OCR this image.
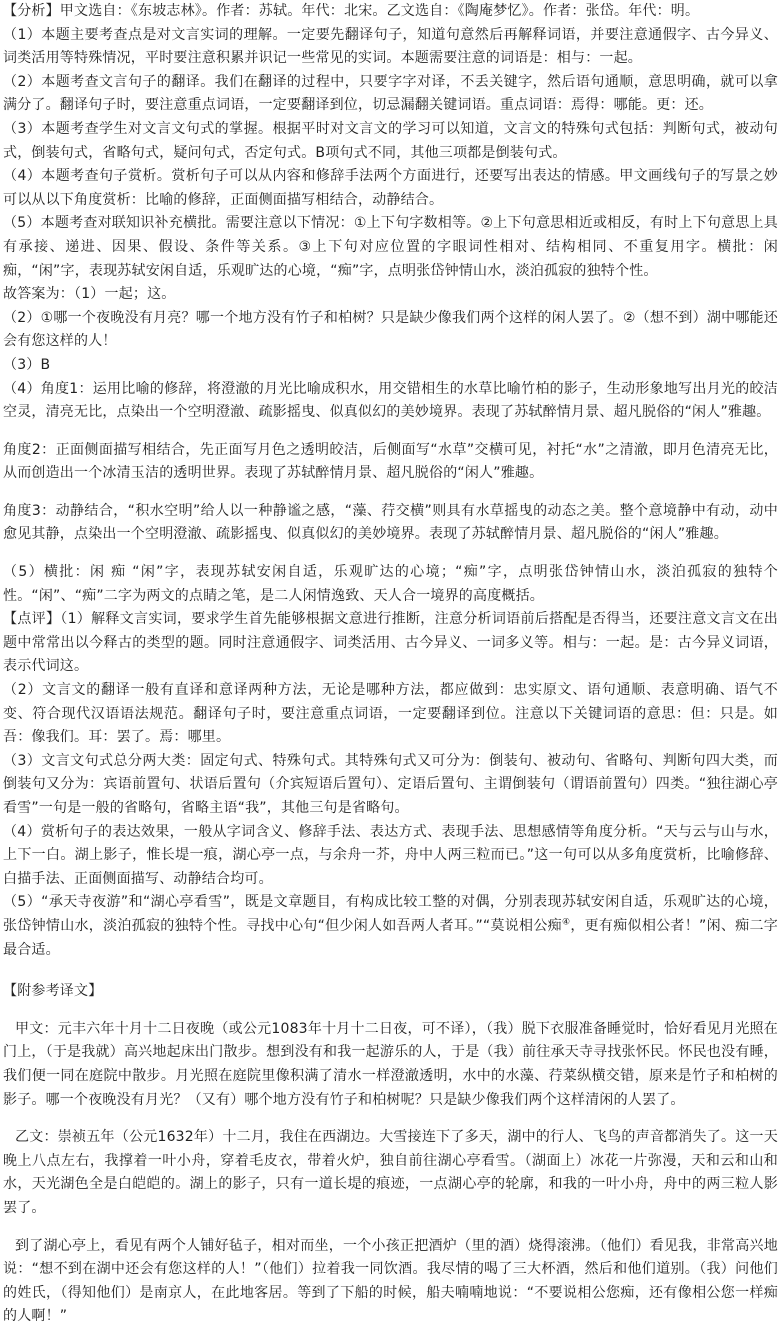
【分析】甲文选自：《东坡志林》。作者：苏轼。年代：北宋。乙文选自：《陶庵梦忆》。作者：张岱。年代：明。

（1）本题主要考查点是对文言实词的理解。一定要先翻译句子，知道句意然后再解释词语，并要注意通假字、古今异义、词类活用等特殊情况，平时要注意积累并识记一些常见的实词。本题需要注意的词语是：相与：一起。

（2）本题考查文言句子的翻译。我们在翻译的过程中，只要字字对译，不丢关键字，然后语句通顺，意思明确，就可以拿满分了。翻译句子时，要注意重点词语，一定要翻译到位，切忌漏翻关键词语。重点词语：焉得：哪能。更：还。

（3）本题考查学生对文言文句式的掌握。根据平时对文言文的学习可以知道，文言文的特殊句式包括：判断句式，被动句式，倒装句式，省略句式，疑问句式，否定句式。B项句式不同，其他三项都是倒装句式。

（4）本题考查句子赏析。赏析句子可以从内容和修辞手法两个方面进行，还要写出表达的情感。甲文画线句子的写景之妙可以从以下角度赏析：比喻的修辞，正面侧面描写相结合，动静结合。

（5）本题考查对联知识补充横批。需要注意以下情况：①上下句字数相等。②上下句意思相近或相反，有时上下句意思上具有承接、递进、因果、假设、条件等关系。③上下句对应位置的字眼词性相对、结构相同、不重复用字。横批：闲痴，“闲”字，表现苏轼安闲自适，乐观旷达的心境，“痴”字，点明张岱钟情山水，淡泊孤寂的独特个性。

故答案为：（1）一起；这。

（2）①哪一个夜晚没有月亮？哪一个地方没有竹子和柏树？只是缺少像我们两个这样的闲人罢了。②（想不到）湖中哪能还会有您这样的人！

（3）B

（4）角度1：运用比喻的修辞，将澄澈的月光比喻成积水，用交错相生的水草比喻竹柏的影子，生动形象地写出月光的皎洁空灵，清亮无比，点染出一个空明澄澈、疏影摇曳、似真似幻的美妙境界。表现了苏轼醉情月景、超凡脱俗的“闲人”雅趣。

角度2：正面侧面描写相结合，先正面写月色之透明皎洁，后侧面写“水草”交横可见，衬托“水”之清澈，即月色清亮无比，从而创造出一个冰清玉洁的透明世界。表现了苏轼醉情月景、超凡脱俗的“闲人”雅趣。

角度3：动静结合，“积水空明”给人以一种静谧之感，“藻、荇交横”则具有水草摇曳的动态之美。整个意境静中有动，动中愈见其静，点染出一个空明澄澈、疏影摇曳、似真似幻的美妙境界。表现了苏轼醉情月景、超凡脱俗的“闲人”雅趣。

（5）横批：闲 痴 “闲”字，表现苏轼安闲自适，乐观旷达的心境；“痴”字，点明张岱钟情山水，淡泊孤寂的独特个性。“闲”、“痴”二字为两文的点睛之笔，是二人闲情逸致、天人合一境界的高度概括。

【点评】（1）解释文言实词，要求学生首先能够根据文意进行推断，注意分析词语前后搭配是否得当，还要注意文言文在出题中常常出以今释古的类型的题。同时注意通假字、词类活用、古今异义、一词多义等。相与：一起。是：古今异义词语，表示代词这。

（2）文言文的翻译一般有直译和意译两种方法，无论是哪种方法，都应做到：忠实原文、语句通顺、表意明确、语气不变、符合现代汉语语法规范。翻译句子时，要注意重点词语，一定要翻译到位。注意以下关键词语的意思：但：只是。如吾：像我们。耳：罢了。焉：哪里。

（3）文言文句式总分两大类：固定句式、特殊句式。其特殊句式又可分为：倒装句、被动句、省略句、判断句四大类，而倒装句又分为：宾语前置句、状语后置句（介宾短语后置句）、定语后置句、主谓倒装句（谓语前置句）四类。“独往湖心亭看雪”一句是一般的省略句，省略主语“我”，其他三句是省略句。

（4）赏析句子的表达效果，一般从字词含义、修辞手法、表达方式、表现手法、思想感情等角度分析。“天与云与山与水，上下一白。湖上影子，惟长堤一痕，湖心亭一点，与余舟一芥，舟中人两三粒而已。”这一句可以从多角度赏析，比喻修辞、白描手法、正面侧面描写、动静结合均可。

（5）“承天寺夜游”和“湖心亭看雪”，既是文章题目，有构成比较工整的对偶，分别表现苏轼安闲自适，乐观旷达的心境，张岱钟情山水，淡泊孤寂的独特个性。寻找中心句“但少闲人如吾两人者耳。”“莫说相公痴④，更有痴似相公者！”闲、痴二字最合适。

【附参考译文】

甲文：元丰六年十月十二日夜晚（或公元1083年十月十二日夜，可不译），（我）脱下衣服准备睡觉时，恰好看见月光照在门上，（于是我就）高兴地起床出门散步。想到没有和我一起游乐的人，于是（我）前往承天寺寻找张怀民。怀民也没有睡，我们便一同在庭院中散步。月光照在庭院里像积满了清水一样澄澈透明，水中的水藻、荇菜纵横交错，原来是竹子和柏树的影子。哪一个夜晚没有月光？（又有）哪个地方没有竹子和柏树呢？只是缺少像我们两个这样清闲的人罢了。

乙文：崇祯五年（公元1632年）十二月，我住在西湖边。大雪接连下了多天，湖中的行人、飞鸟的声音都消失了。这一天晚上八点左右，我撑着一叶小舟，穿着毛皮衣，带着火炉，独自前往湖心亭看雪。（湖面上）冰花一片弥漫，天和云和山和水，天光湖色全是白皑皑的。湖上的影子，只有一道长堤的痕迹，一点湖心亭的轮廓，和我的一叶小舟，舟中的两三粒人影罢了。

到了湖心亭上，看见有两个人铺好毡子，相对而坐，一个小孩正把酒炉（里的酒）烧得滚沸。（他们）看见我，非常高兴地说：“想不到在湖中还会有您这样的人！”（他们）拉着我一同饮酒。我尽情的喝了三大杯酒，然后和他们道别。（我）问他们的姓氏，（得知他们）是南京人，在此地客居。等到了下船的时候，船夫喃喃地说：“不要说相公您痴，还有像相公您一样痴的人啊！”
